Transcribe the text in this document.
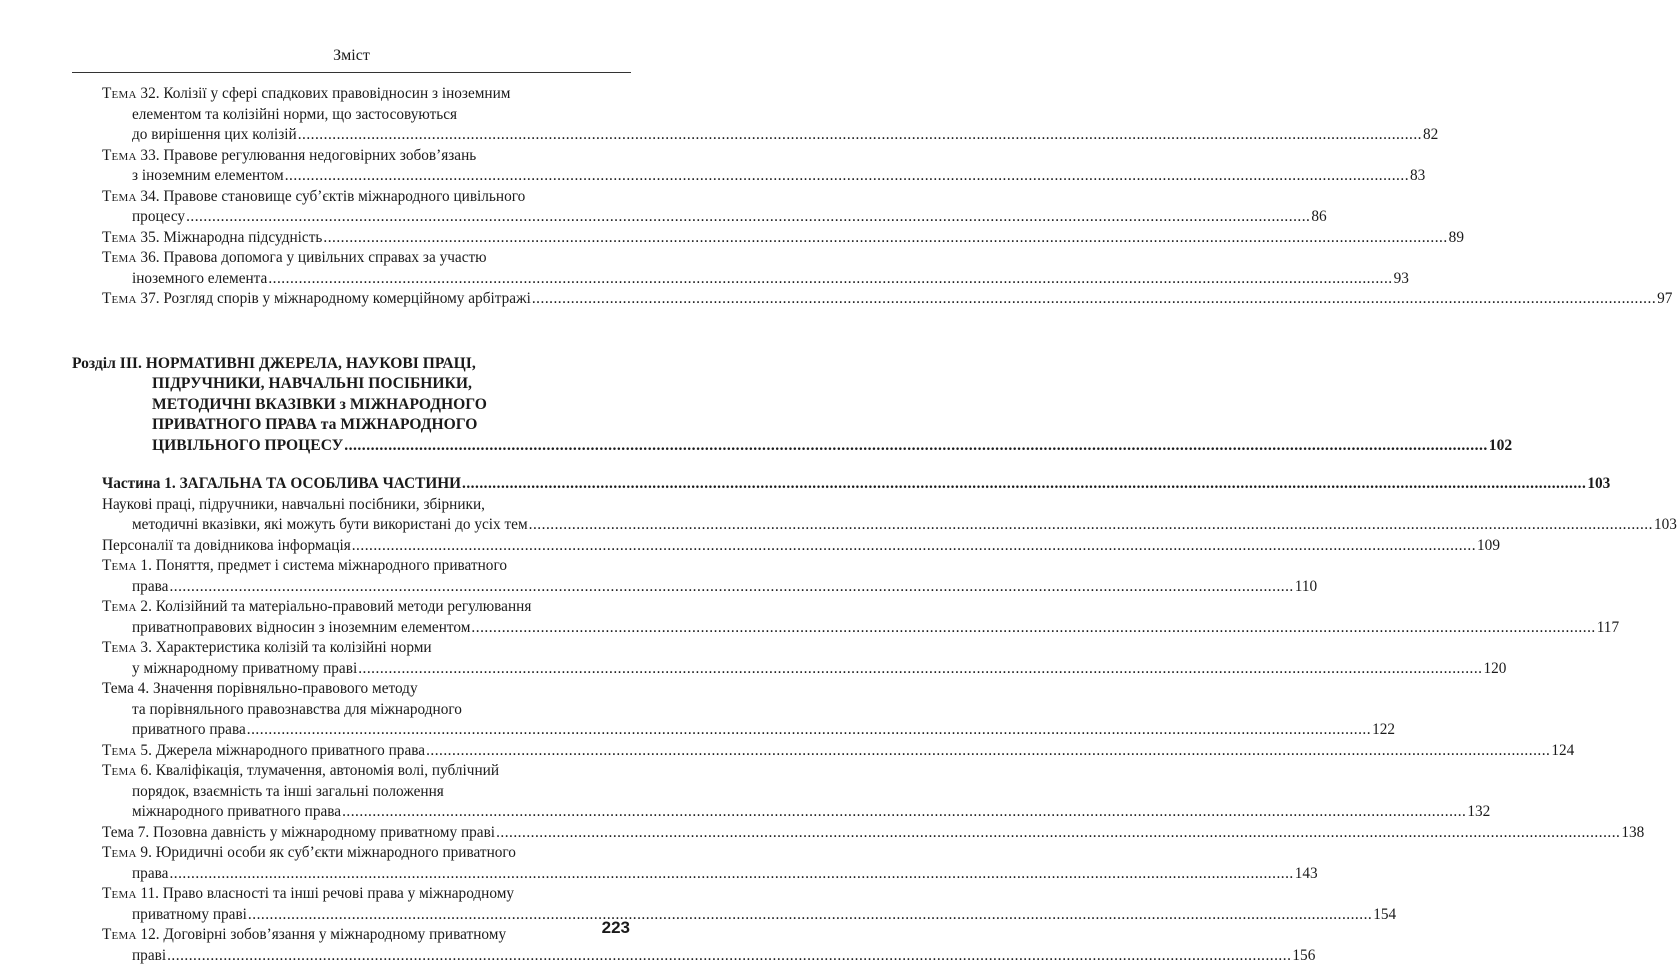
Зміст
Тема 32. Колізії у сфері спадкових правовідносин з іноземним
елементом та колізійні норми, що застосовуються
до вирішення цих колізій .................................................................................................................................................................................................................................................................... 82
Тема 33. Правове регулювання недоговірних зобов’язань
з іноземним елементом .................................................................................................................................................................................................................................................................... 83
Тема 34. Правове становище суб’єктів міжнародного цивільного
процесу .................................................................................................................................................................................................................................................................... 86
Тема 35. Міжнародна підсудність .................................................................................................................................................................................................................................................................... 89
Тема 36. Правова допомога у цивільних справах за участю
іноземного елемента .................................................................................................................................................................................................................................................................... 93
Тема 37. Розгляд спорів у міжнародному комерційному арбітражі .................................................................................................................................................................................................................................................................... 97
Розділ III. НОРМАТИВНІ ДЖЕРЕЛА, НАУКОВІ ПРАЦІ,
ПІДРУЧНИКИ, НАВЧАЛЬНІ ПОСІБНИКИ,
МЕТОДИЧНІ ВКАЗІВКИ з МІЖНАРОДНОГО
ПРИВАТНОГО ПРАВА та МІЖНАРОДНОГО
ЦИВІЛЬНОГО ПРОЦЕСУ .................................................................................................................................................................................................................................................................... 102
Частина 1. ЗАГАЛЬНА ТА ОСОБЛИВА ЧАСТИНИ .................................................................................................................................................................................................................................................................... 103
Наукові праці, підручники, навчальні посібники, збірники,
методичні вказівки, які можуть бути використані до усіх тем .................................................................................................................................................................................................................................................................... 103
Персоналії та довідникова інформація .................................................................................................................................................................................................................................................................... 109
Тема 1. Поняття, предмет і система міжнародного приватного
права .................................................................................................................................................................................................................................................................... 110
Тема 2. Колізійний та матеріально-правовий методи регулювання
приватноправових відносин з іноземним елементом .................................................................................................................................................................................................................................................................... 117
Тема 3. Характеристика колізій та колізійні норми
у міжнародному приватному праві .................................................................................................................................................................................................................................................................... 120
Тема 4. Значення порівняльно-правового методу
та порівняльного правознавства для міжнародного
приватного права .................................................................................................................................................................................................................................................................... 122
Тема 5. Джерела міжнародного приватного права .................................................................................................................................................................................................................................................................... 124
Тема 6. Кваліфікація, тлумачення, автономія волі, публічний
порядок, взаємність та інші загальні положення
міжнародного приватного права .................................................................................................................................................................................................................................................................... 132
Тема 7. Позовна давність у міжнародному приватному праві .................................................................................................................................................................................................................................................................... 138
Тема 9. Юридичні особи як суб’єкти міжнародного приватного
права .................................................................................................................................................................................................................................................................... 143
Тема 11. Право власності та інші речові права у міжнародному
приватному праві .................................................................................................................................................................................................................................................................... 154
Тема 12. Договірні зобов’язання у міжнародному приватному
праві .................................................................................................................................................................................................................................................................... 156
223
